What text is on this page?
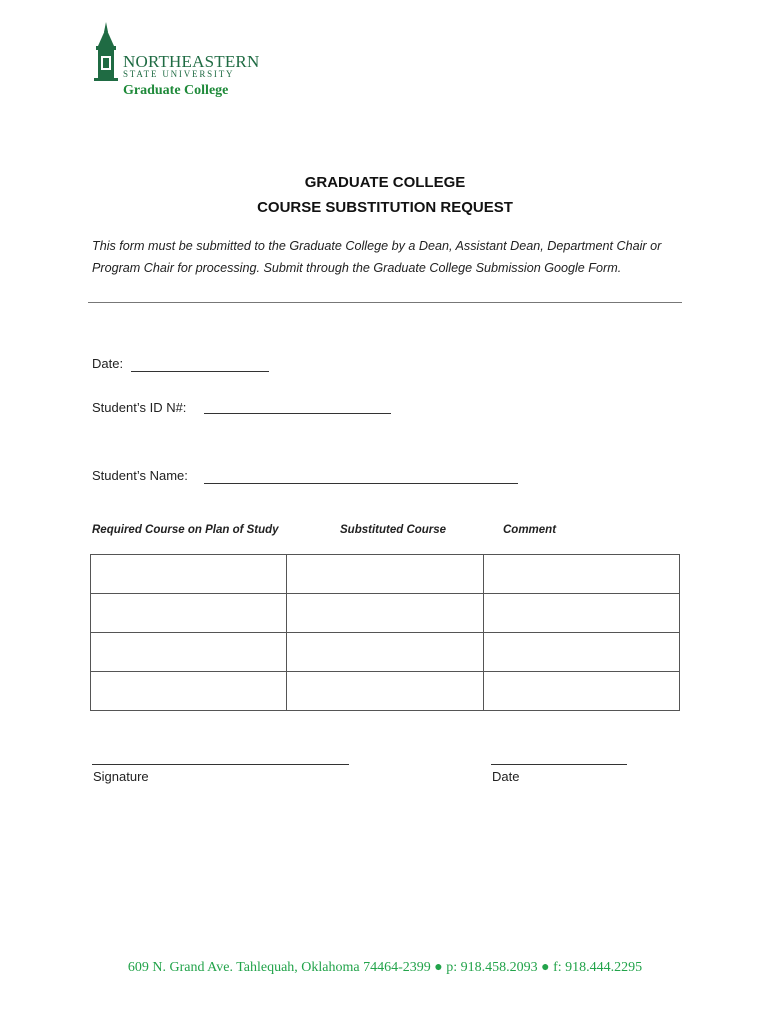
NORTHEASTERN
STATE UNIVERSITY
Graduate College
GRADUATE COLLEGE
COURSE SUBSTITUTION REQUEST
This form must be submitted to the Graduate College by a Dean, Assistant Dean, Department Chair or Program Chair for processing. Submit through the Graduate College Submission Google Form.
Date:
Student’s ID N#:
Student’s Name:
Required Course on Plan of Study	Substituted Course	Comment

Signature	Date
609 N. Grand Ave. Tahlequah, Oklahoma 74464-2399 ● p: 918.458.2093 ● f: 918.444.2295
